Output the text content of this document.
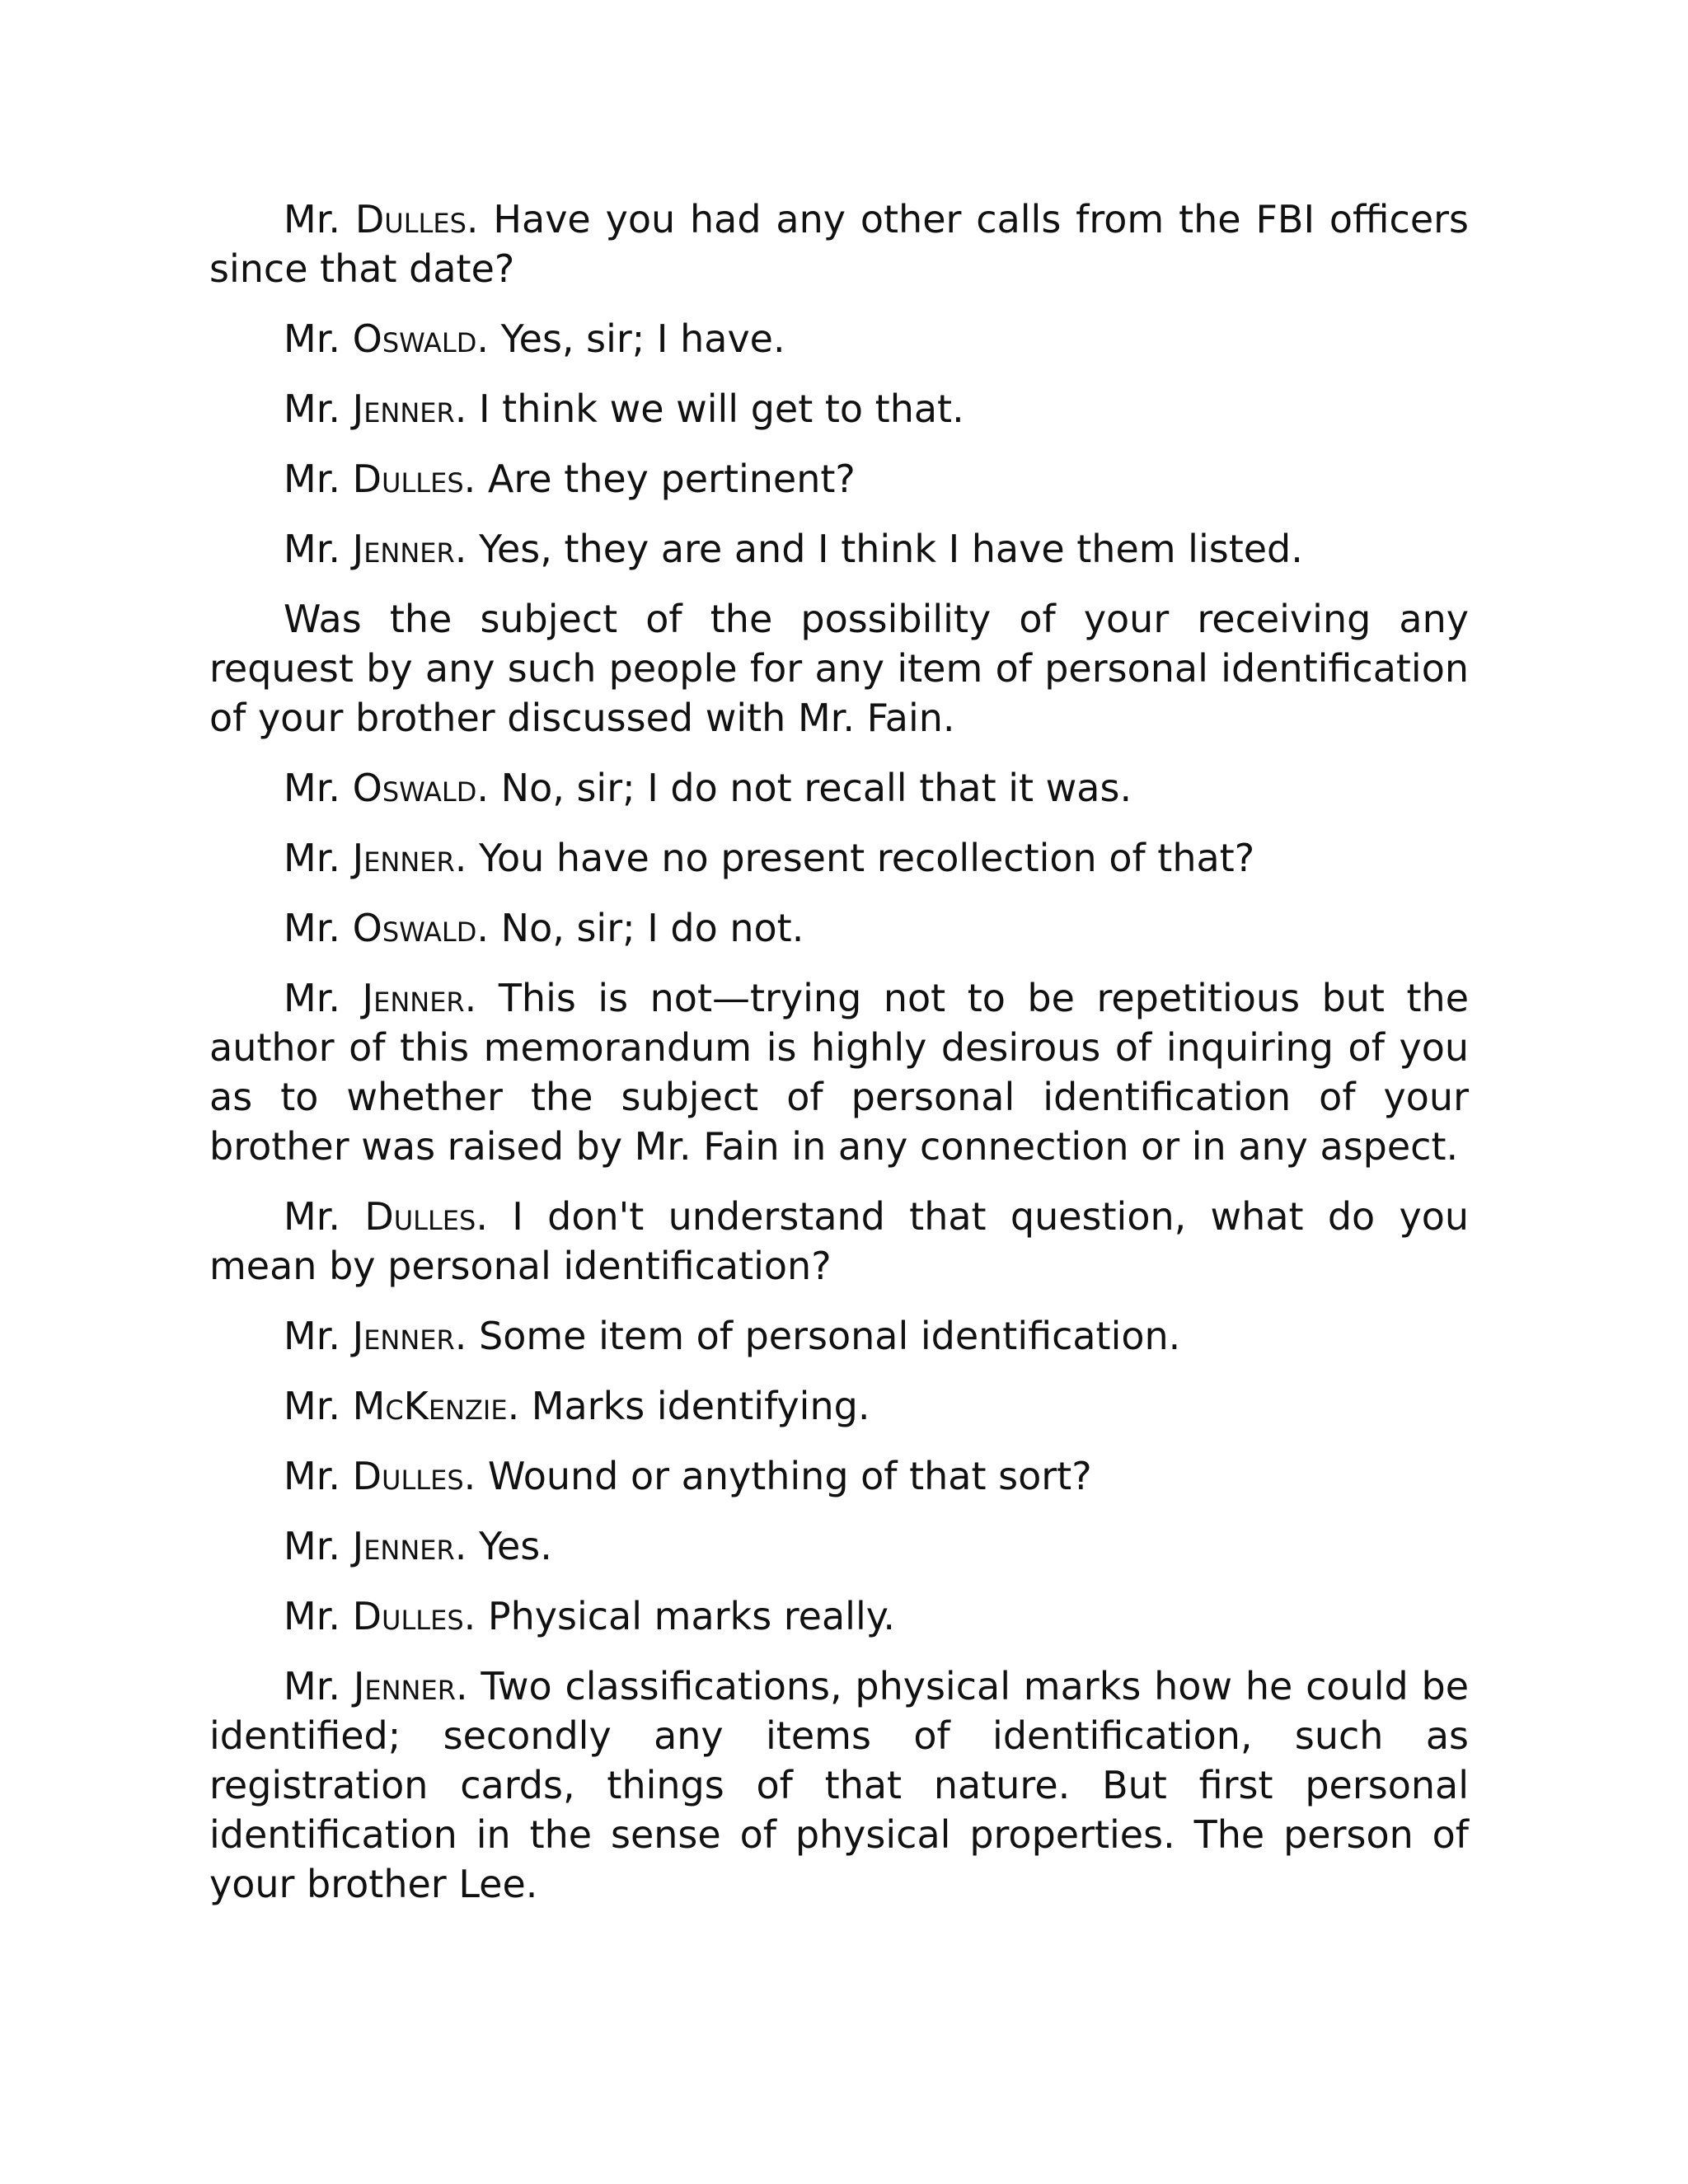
Mr. Dulles. Have you had any other calls from the FBI officers since that date?

Mr. Oswald. Yes, sir; I have.

Mr. Jenner. I think we will get to that.

Mr. Dulles. Are they pertinent?

Mr. Jenner. Yes, they are and I think I have them listed.

Was the subject of the possibility of your receiving any request by any such people for any item of personal identification of your brother discussed with Mr. Fain.

Mr. Oswald. No, sir; I do not recall that it was.

Mr. Jenner. You have no present recollection of that?

Mr. Oswald. No, sir; I do not.

Mr. Jenner. This is not—trying not to be repetitious but the author of this memorandum is highly desirous of inquiring of you as to whether the subject of personal identification of your brother was raised by Mr. Fain in any connection or in any aspect.

Mr. Dulles. I don't understand that question, what do you mean by personal identification?

Mr. Jenner. Some item of personal identification.

Mr. McKenzie. Marks identifying.

Mr. Dulles. Wound or anything of that sort?

Mr. Jenner. Yes.

Mr. Dulles. Physical marks really.

Mr. Jenner. Two classifications, physical marks how he could be identified; secondly any items of identification, such as registration cards, things of that nature. But first personal identification in the sense of physical properties. The person of your brother Lee.
